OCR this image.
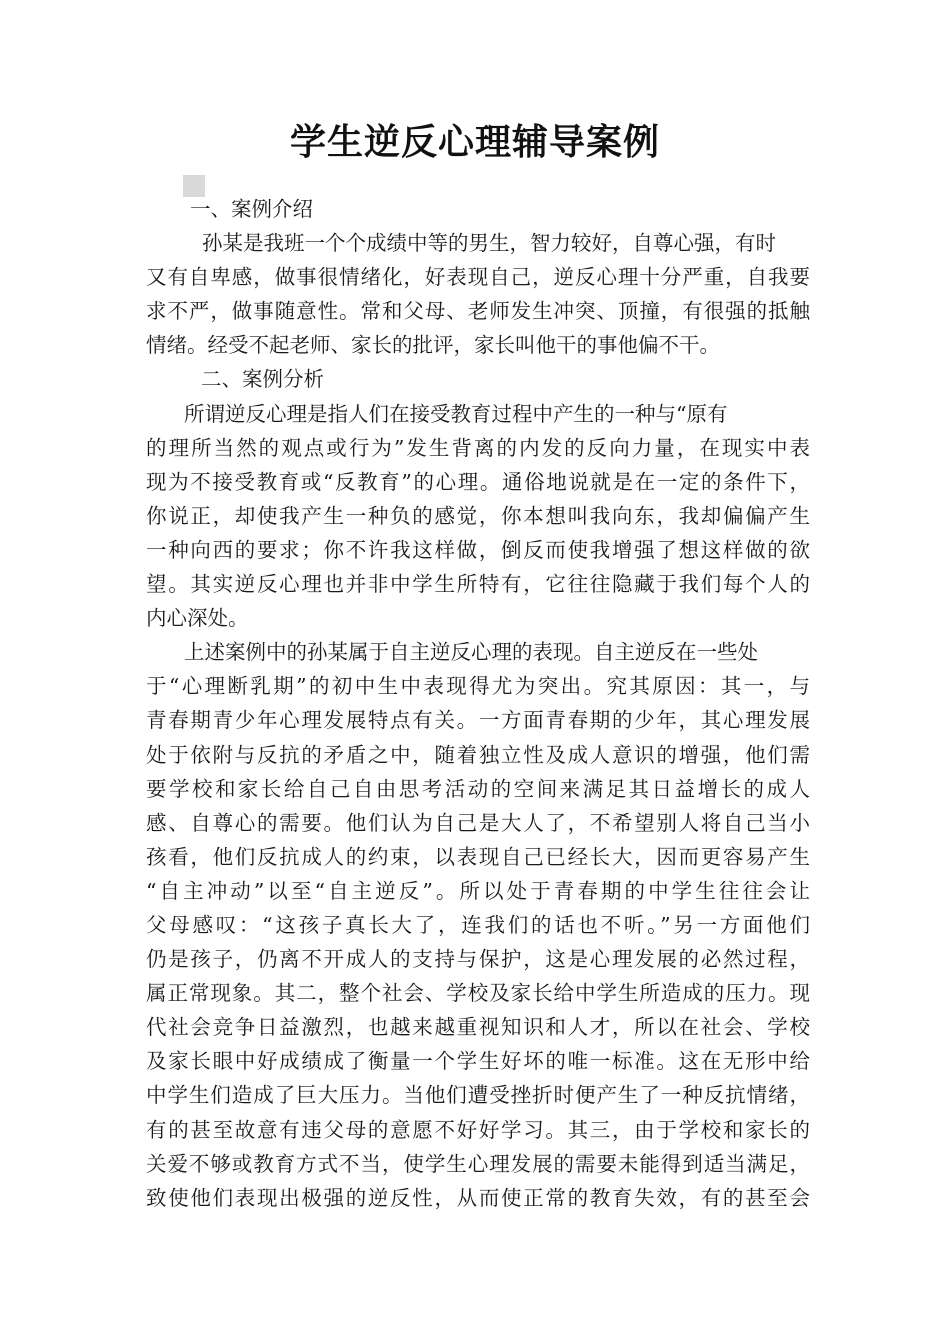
学生逆反心理辅导案例
一、案例介绍
孙某是我班一个个成绩中等的男生，智力较好，自尊心强，有时
又有自卑感，做事很情绪化，好表现自己，逆反心理十分严重，自我要
求不严，做事随意性。常和父母、老师发生冲突、顶撞，有很强的抵触
情绪。经受不起老师、家长的批评，家长叫他干的事他偏不干。
二、案例分析
所谓逆反心理是指人们在接受教育过程中产生的一种与“原有
的理所当然的观点或行为”发生背离的内发的反向力量，在现实中表
现为不接受教育或“反教育”的心理。通俗地说就是在一定的条件下，
你说正，却使我产生一种负的感觉，你本想叫我向东，我却偏偏产生
一种向西的要求；你不许我这样做，倒反而使我增强了想这样做的欲
望。其实逆反心理也并非中学生所特有，它往往隐藏于我们每个人的
内心深处。
上述案例中的孙某属于自主逆反心理的表现。自主逆反在一些处
于“心理断乳期”的初中生中表现得尤为突出。究其原因：其一，与
青春期青少年心理发展特点有关。一方面青春期的少年，其心理发展
处于依附与反抗的矛盾之中，随着独立性及成人意识的增强，他们需
要学校和家长给自己自由思考活动的空间来满足其日益增长的成人
感、自尊心的需要。他们认为自己是大人了，不希望别人将自己当小
孩看，他们反抗成人的约束，以表现自己已经长大，因而更容易产生
“自主冲动”以至“自主逆反”。所以处于青春期的中学生往往会让
父母感叹：“这孩子真长大了，连我们的话也不听。”另一方面他们
仍是孩子，仍离不开成人的支持与保护，这是心理发展的必然过程，
属正常现象。其二，整个社会、学校及家长给中学生所造成的压力。现
代社会竞争日益激烈，也越来越重视知识和人才，所以在社会、学校
及家长眼中好成绩成了衡量一个学生好坏的唯一标准。这在无形中给
中学生们造成了巨大压力。当他们遭受挫折时便产生了一种反抗情绪，
有的甚至故意有违父母的意愿不好好学习。其三，由于学校和家长的
关爱不够或教育方式不当，使学生心理发展的需要未能得到适当满足，
致使他们表现出极强的逆反性，从而使正常的教育失效，有的甚至会
